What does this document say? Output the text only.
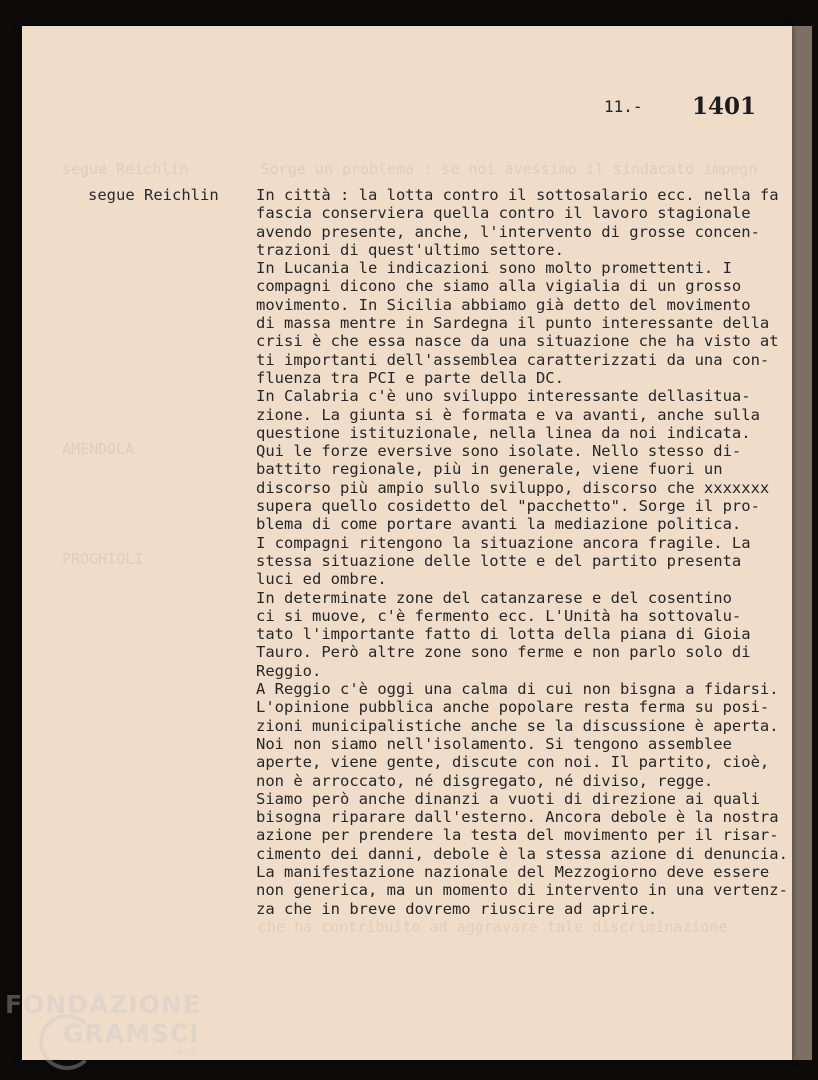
segue Reichlin        Sorge un problema : se noi avessimo il sindacato impegn
AMENDOLA
PROGHIOLI
che ha contribuito ad aggravare tale discriminazione
11.- 1401
segue Reichlin In città : la lotta contro il sottosalario ecc. nella fa
fascia conserviera quella contro il lavoro stagionale
avendo presente, anche, l'intervento di grosse concen-
trazioni di quest'ultimo settore.
In Lucania le indicazioni sono molto promettenti. I
compagni dicono che siamo alla vigialia di un grosso
movimento. In Sicilia abbiamo già detto del movimento
di massa mentre in Sardegna il punto interessante della
crisi è che essa nasce da una situazione che ha visto at
ti importanti dell'assemblea caratterizzati da una con-
fluenza tra PCI e parte della DC.
In Calabria c'è uno sviluppo interessante dellasitua-
zione. La giunta si è formata e va avanti, anche sulla
questione istituzionale, nella linea da noi indicata.
Qui le forze eversive sono isolate. Nello stesso di-
battito regionale, più in generale, viene fuori un
discorso più ampio sullo sviluppo, discorso che xxxxxxx
supera quello cosidetto del "pacchetto". Sorge il pro-
blema di come portare avanti la mediazione politica.
I compagni ritengono la situazione ancora fragile. La
stessa situazione delle lotte e del partito presenta
luci ed ombre.
In determinate zone del catanzarese e del cosentino
ci si muove, c'è fermento ecc. L'Unità ha sottovalu-
tato l'importante fatto di lotta della piana di Gioia
Tauro. Però altre zone sono ferme e non parlo solo di
Reggio.
A Reggio c'è oggi una calma di cui non bisgna a fidarsi.
L'opinione pubblica anche popolare resta ferma su posi-
zioni municipalistiche anche se la discussione è aperta.
Noi non siamo nell'isolamento. Si tengono assemblee
aperte, viene gente, discute con noi. Il partito, cioè,
non è arroccato, né disgregato, né diviso, regge.
Siamo però anche dinanzi a vuoti di direzione ai quali
bisogna riparare dall'esterno. Ancora debole è la nostra
azione per prendere la testa del movimento per il risar-
cimento dei danni, debole è la stessa azione di denuncia.
La manifestazione nazionale del Mezzogiorno deve essere
non generica, ma un momento di intervento in una vertenz-
za che in breve dovremo riuscire ad aprire.
FONDAZIONE
GRAMSCI
onlus
